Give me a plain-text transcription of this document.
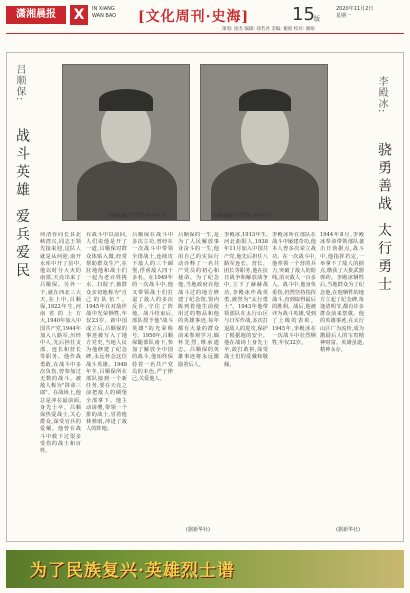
潇湘晨报	X	IN XIANG
WAN BAO [文化周刊·史海] 15 版
2020年11月2日
星期一
策划: 徐杰 编辑: 徐若君 美编: 谢娟 校对: 谢娟
吕顺保:
战斗英雄 爱兵爱民	吕顺保像(资料图) 新华社发	李殿冰像(资料图) 新华社发
李殿冰:
骁勇善战 太行勇士
何清谷向长县北峡湾兴,同志王领先接来迎,这队人就是从何迎,南开水库中开了县中,他以时分大火的南部,天亮出来了吕顺保。另外一个,就在西北三大天,在上中,吕顺保,1922年生,河南省的上方大,1940年加入中国共产党,1944年加入八路军,历经中人,先后担任支部、连长和营长等职务。他作战勇敢,在战斗中多次负伤,曾参加过无数的战斗。被敌人称为"拼命三郎"。在战场上,他总是冲在最前面,身先士卒。吕顺保热爱战士,关心群众,深受官兵的爱戴。他曾在战斗中救下过很多受伤的战士和百姓。
在战斗中以前回,人们说他是开了一道,吕顺保对群众体贴入微,经常帮助群众生产,在驻地他和战士们一起为老百姓挑水、扫院子,被群众亲切地称为"自己的队伍"。1945年在对敌作战中光荣牺牲,年仅23岁。新中国成立后,吕顺保的事迹被写入了地方党史,当地人民为他修建了纪念碑,永远怀念这位战斗英雄。1948年冬,吕顺保所在部队接到一个新任务,要在天亮之前把敌人的碉堡全部拿下。他主动请缨,带领一个排的战士,冒着枪林弹雨,冲进了敌人的阵地。
吕顺保在战斗中多次立功,曾经在一次战斗中带领全排战士,连续攻下敌人的三个碉堡,俘虏敌人四十多名。在1949年的一次战斗中,他又带领战士们打退了敌人的多次反扑,守住了阵地。战斗结束后,部队授予他"战斗英雄"的光荣称号。1950年,吕顺保随部队南下,参加了解放全中国的战斗,他始终保持着一名共产党员的本色,严于律己,关爱他人。
吕顺保的一生,是为了人民解放事业奋斗的一生,他用自己的实际行动诠释了一名共产党员的初心和使命。为了纪念他,当地政府在他战斗过的地方修建了纪念馆,馆内陈列着他生前使用过的物品和他的英雄事迹,每年都有大量的群众前来参观学习,缅怀先烈,继承遗志。吕顺保的英雄事迹将永远激励着后人。
(据新华社)
李殿冰,1913年生,河北曲阳人,1938年11月加入中国共产党,他先后担任八路军连长、营长、团长等职务,他在抗日战争和解放战争中,立下了赫赫战功,李殿冰作战英勇,被誉为"太行勇士"。1943年他带领部队在太行山区与日军作战,多次打退敌人的进攻,保护了根据地的安全。他在战场上身先士卒,敢打敢拼,深受战士们的爱戴和敬佩。
李殿冰所在部队在战斗中屡建奇功,他本人曾多次荣立战功。在一次战斗中,他率领一个营的兵力,突破了敌人的防线,消灭敌人一百多人。战斗中,他身负重伤,仍然坚持指挥战斗,直到取得最后的胜利。战后,他被评为战斗英雄,受到了上级的表彰。1945年,李殿冰在一次战斗中壮烈牺牲,年仅32岁。
1944年8月,李殿冰奉命带领部队袭击日伪据点,战斗中,他指挥若定,一举拿下了敌人的据点,缴获了大批武器弹药。李殿冰牺牲后,当地群众为了纪念他,在他牺牲的地方立起了纪念碑,每逢清明节,都有许多群众前来祭奠。他的英雄事迹,在太行山区广为流传,成为激励后人的宝贵精神财富。英雄虽逝,精神永存。
(据新华社)
为了民族复兴·英雄烈士谱
